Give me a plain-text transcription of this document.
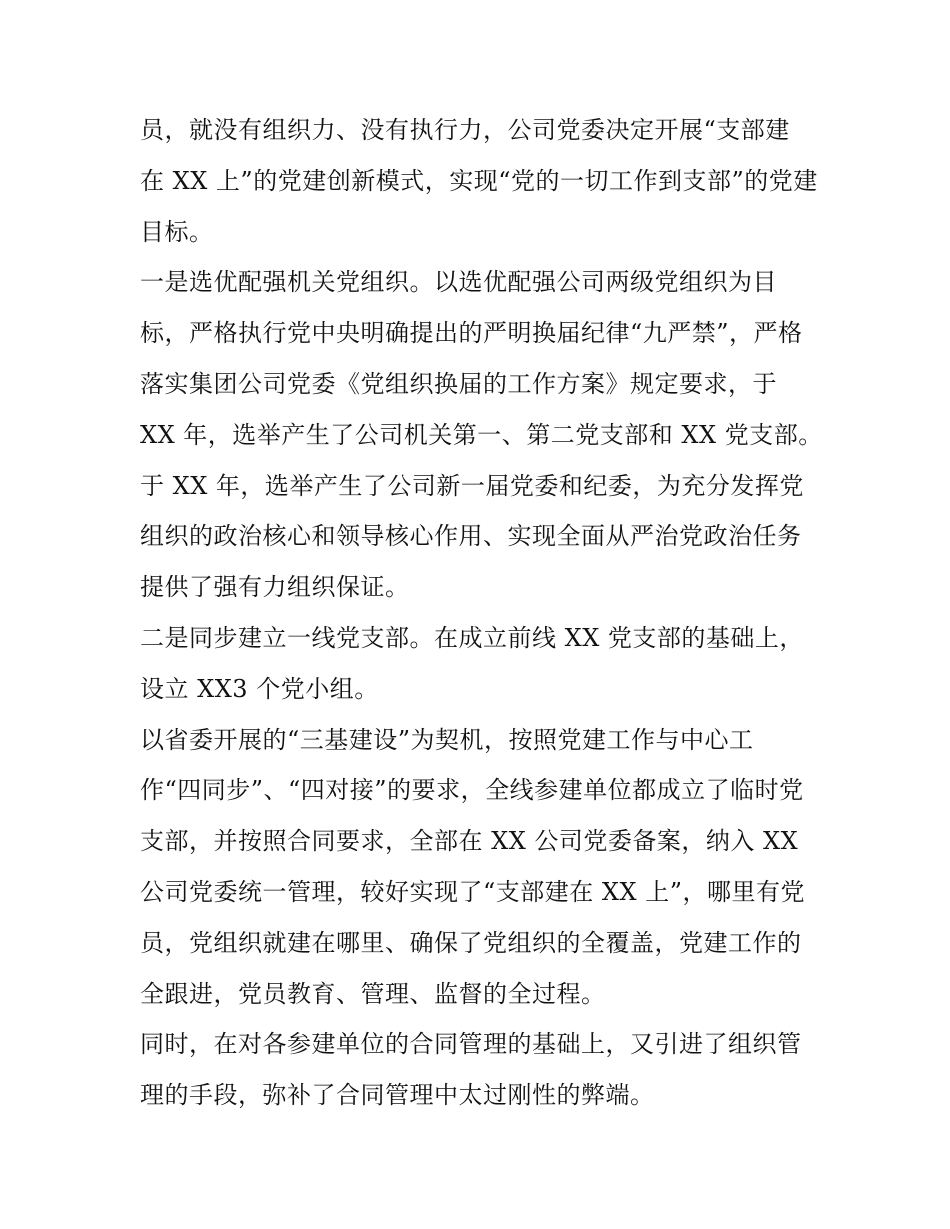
员，就没有组织力、没有执行力，公司党委决定开展“支部建
在 XX 上”的党建创新模式，实现“党的一切工作到支部”的党建
目标。
一是选优配强机关党组织。以选优配强公司两级党组织为目
标，严格执行党中央明确提出的严明换届纪律“九严禁”，严格
落实集团公司党委《党组织换届的工作方案》规定要求，于
XX 年，选举产生了公司机关第一、第二党支部和 XX 党支部。
于 XX 年，选举产生了公司新一届党委和纪委，为充分发挥党
组织的政治核心和领导核心作用、实现全面从严治党政治任务
提供了强有力组织保证。
二是同步建立一线党支部。在成立前线 XX 党支部的基础上，
设立 XX3 个党小组。
以省委开展的“三基建设”为契机，按照党建工作与中心工
作“四同步”、“四对接”的要求，全线参建单位都成立了临时党
支部，并按照合同要求，全部在 XX 公司党委备案，纳入 XX
公司党委统一管理，较好实现了“支部建在 XX 上”，哪里有党
员，党组织就建在哪里、确保了党组织的全覆盖，党建工作的
全跟进，党员教育、管理、监督的全过程。
同时，在对各参建单位的合同管理的基础上，又引进了组织管
理的手段，弥补了合同管理中太过刚性的弊端。
